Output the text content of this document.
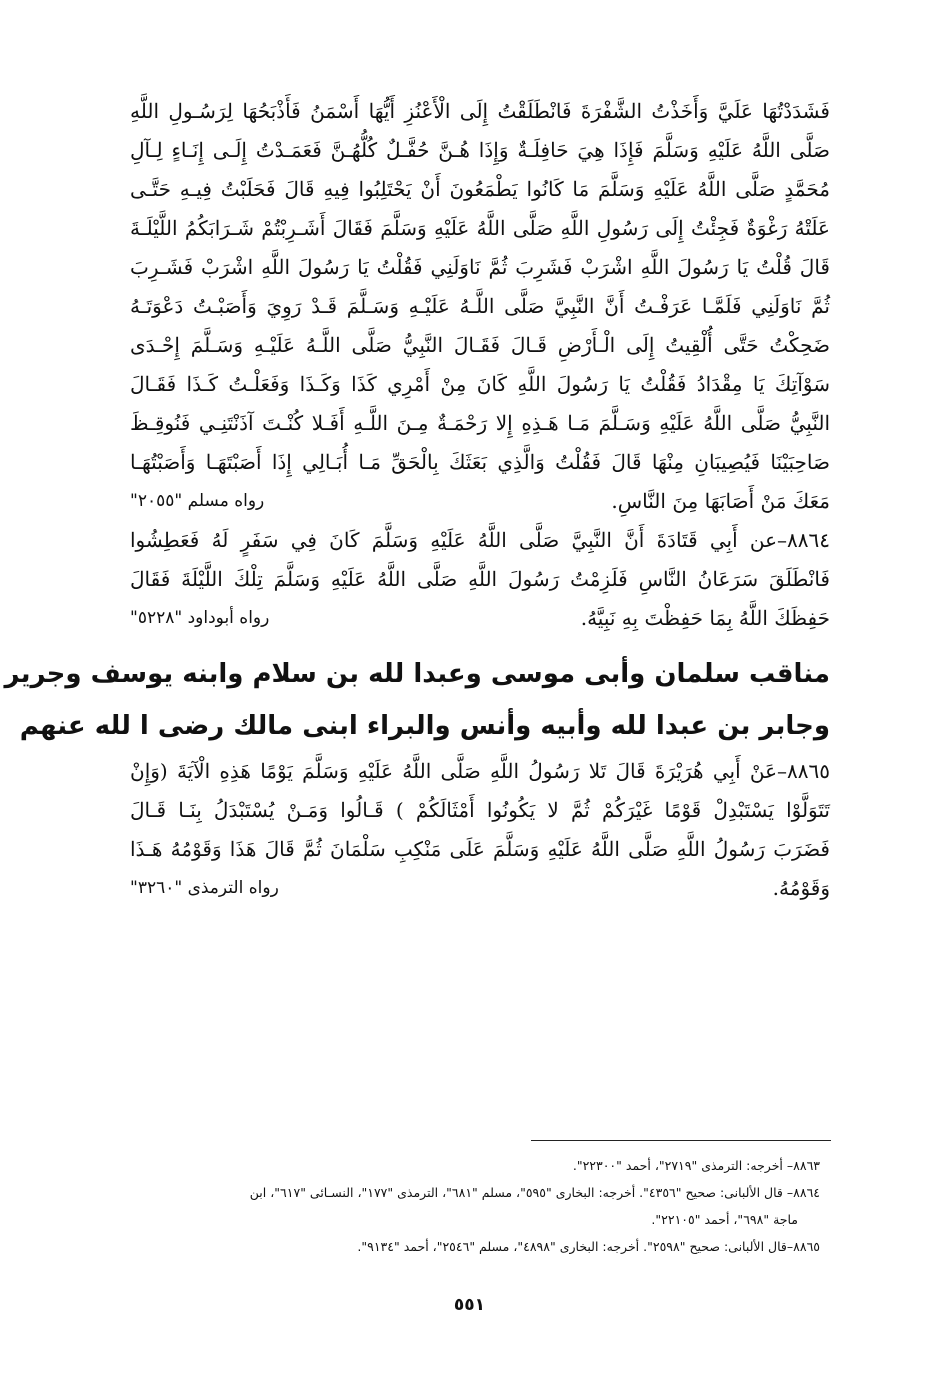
فَشَدَدْتُهَا عَلَيَّ وَأَخَذْتُ الشَّفْرَةَ فَانْطَلَقْتُ إِلَى الْأَعْنُزِ أَيُّهَا أَسْمَنُ فَأَذْبَحُهَا لِرَسُـولِ اللَّهِ
صَلَّى اللَّهُ عَلَيْهِ وَسَلَّمَ فَإِذَا هِيَ حَافِلَـةٌ وَإِذَا هُـنَّ حُفَّـلٌ كُلُّهُـنَّ فَعَمَـدْتُ إِلَـى إِنَـاءٍ لِـآلِ
مُحَمَّدٍ صَلَّى اللَّهُ عَلَيْهِ وَسَلَّمَ مَا كَانُوا يَطْمَعُونَ أَنْ يَحْتَلِبُوا فِيهِ قَالَ فَحَلَبْتُ فِيـهِ حَتَّـى
عَلَتْهُ رَغْوَةٌ فَجِئْتُ إِلَى رَسُولِ اللَّهِ صَلَّى اللَّهُ عَلَيْهِ وَسَلَّمَ فَقَالَ أَشَـرِبْتُمْ شَـرَابَكُمُ اللَّيْلَـةَ
قَالَ قُلْتُ يَا رَسُولَ اللَّهِ اشْرَبْ فَشَرِبَ ثُمَّ نَاوَلَنِي فَقُلْتُ يَا رَسُولَ اللَّهِ اشْرَبْ فَشَـرِبَ
ثُمَّ نَاوَلَنِي فَلَمَّـا عَرَفْـتُ أَنَّ النَّبِيَّ صَلَّى اللَّـهُ عَلَيْـهِ وَسَـلَّمَ قَـدْ رَوِيَ وَأَصَبْـتُ دَعْوَتَـهُ
ضَحِكْتُ حَتَّى أُلْقِيتُ إِلَى الْـأَرْضِ قَـالَ فَقَـالَ النَّبِيُّ صَلَّى اللَّـهُ عَلَيْـهِ وَسَـلَّمَ إِحْـدَى
سَوْآتِكَ يَا مِقْدَادُ فَقُلْتُ يَا رَسُولَ اللَّهِ كَانَ مِنْ أَمْرِي كَذَا وَكَـذَا وَفَعَلْـتُ كَـذَا فَقَـالَ
النَّبِيُّ صَلَّى اللَّهُ عَلَيْهِ وَسَـلَّمَ مَـا هَـذِهِ إِلا رَحْمَـةٌ مِـنَ اللَّـهِ أَفَـلا كُنْـتَ آذَنْتَنِـي فَنُوقِـظَ
صَاحِبَيْنَا فَيُصِيبَانِ مِنْهَا قَالَ فَقُلْتُ وَالَّذِي بَعَثَكَ بِالْحَقِّ مَـا أُبَـالِي إِذَا أَصَبْتَهَـا وَأَصَبْتُهَـا
مَعَكَ مَنْ أَصَابَهَا مِنَ النَّاسِ.
رواه مسلم "٢٠٥٥"
٨٨٦٤–عن أَبِي قَتَادَةَ أَنَّ النَّبِيَّ صَلَّى اللَّهُ عَلَيْهِ وَسَلَّمَ كَانَ فِي سَفَرٍ لَهُ فَعَطِشُوا
فَانْطَلَقَ سَرَعَانُ النَّاسِ فَلَزِمْتُ رَسُولَ اللَّهِ صَلَّى اللَّهُ عَلَيْهِ وَسَلَّمَ تِلْكَ اللَّيْلَةَ فَقَالَ
حَفِظَكَ اللَّهُ بِمَا حَفِظْتَ بِهِ نَبِيَّهُ.
رواه أبوداود "٥٢٢٨"
مناقب سلمان وأبى موسى وعبدا لله بن سلام وابنه يوسف وجرير
وجابر بن عبدا لله وأبيه وأنس والبراء ابنى مالك رضى ا لله عنهم
٨٨٦٥–عَنْ أَبِي هُرَيْرَةَ قَالَ تَلا رَسُولُ اللَّهِ صَلَّى اللَّهُ عَلَيْهِ وَسَلَّمَ يَوْمًا هَذِهِ الْآيَةَ (وَإِنْ
تَتَوَلَّوْا يَسْتَبْدِلْ قَوْمًا غَيْرَكُمْ ثُمَّ لا يَكُونُوا أَمْثَالَكُمْ ) قَـالُوا وَمَـنْ يُسْتَبْدَلُ بِنَـا قَـالَ
فَضَرَبَ رَسُولُ اللَّهِ صَلَّى اللَّهُ عَلَيْهِ وَسَلَّمَ عَلَى مَنْكِبِ سَلْمَانَ ثُمَّ قَالَ هَذَا وَقَوْمُهُ هَـذَا
وَقَوْمُهُ.
رواه الترمذى "٣٢٦٠"
٨٨٦٣– أخرجه: الترمذى "٢٧١٩"، أحمد "٢٢٣٠٠".
٨٨٦٤– قال الألبانى: صحيح "٤٣٥٦". أخرجه: البخارى "٥٩٥"، مسلم "٦٨١"، الترمذى "١٧٧"، النسـائى "٦١٧"، ابن
ماجة "٦٩٨"، أحمد "٢٢١٠٥".
٨٨٦٥–قال الألبانى: صحيح "٢٥٩٨". أخرجه: البخارى "٤٨٩٨"، مسلم "٢٥٤٦"، أحمد "٩١٣٤".
٥٥١
